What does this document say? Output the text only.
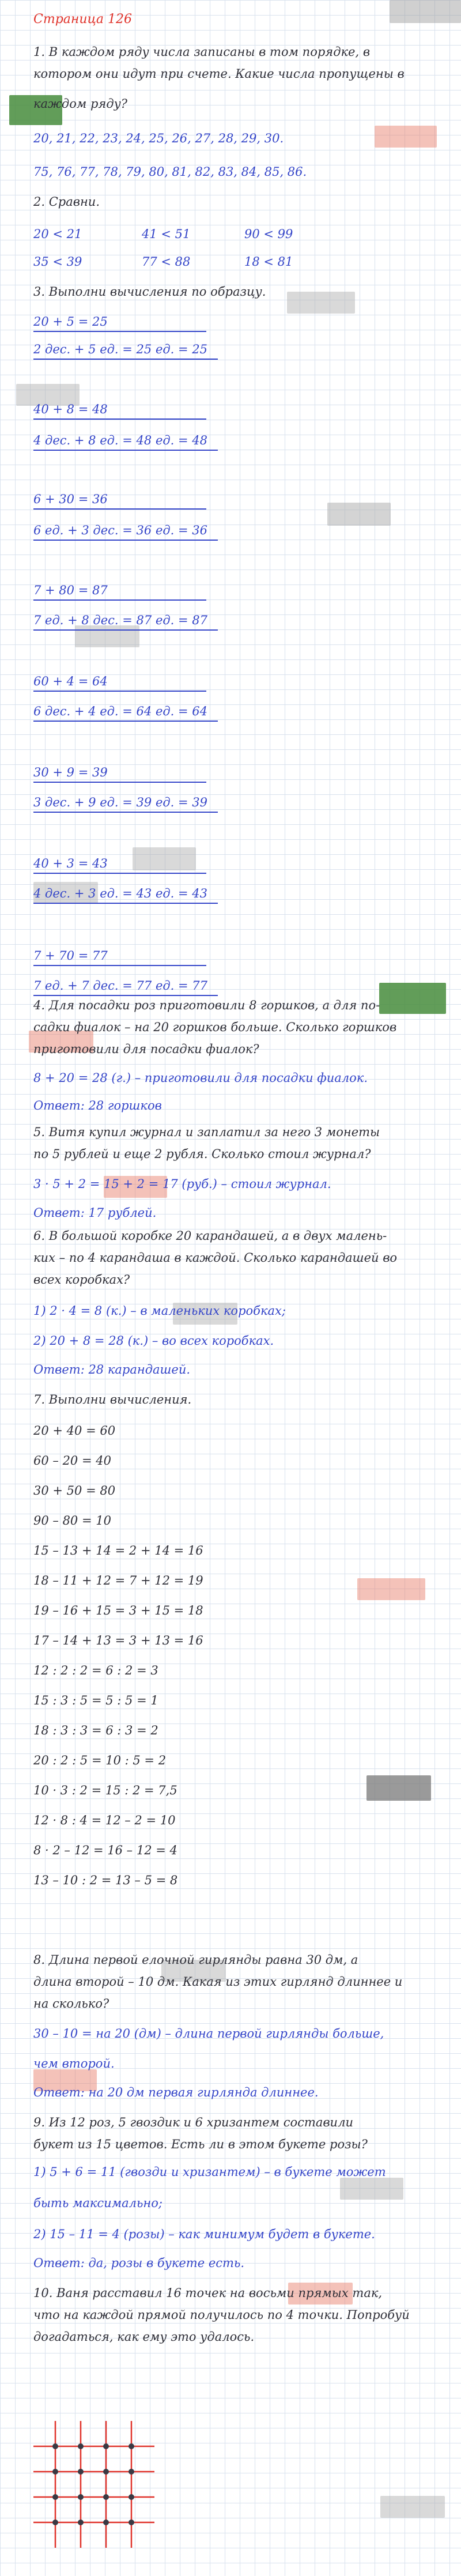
Страница 126
1. В каждом ряду числа записаны в том порядке, в
котором они идут при счете. Какие числа пропущены в
каждом ряду?
20, 21, 22, 23, 24, 25, 26, 27, 28, 29, 30.
75, 76, 77, 78, 79, 80, 81, 82, 83, 84, 85, 86.
2. Сравни.
20 < 21	41 < 51	90 < 99
35 < 39	77 < 88	18 < 81
3. Выполни вычисления по образцу.
20 + 5 = 25
2 дес. + 5 ед. = 25 ед. = 25
40 + 8 = 48
4 дес. + 8 ед. = 48 ед. = 48
6 + 30 = 36
6 ед. + 3 дес. = 36 ед. = 36
7 + 80 = 87
7 ед. + 8 дес. = 87 ед. = 87
60 + 4 = 64
6 дес. + 4 ед. = 64 ед. = 64
30 + 9 = 39
3 дес. + 9 ед. = 39 ед. = 39
40 + 3 = 43
4 дес. + 3 ед. = 43 ед. = 43
7 + 70 = 77
7 ед. + 7 дес. = 77 ед. = 77
4. Для посадки роз приготовили 8 горшков, а для по-
садки фиалок – на 20 горшков больше. Сколько горшков
приготовили для посадки фиалок?
8 + 20 = 28 (г.) – приготовили для посадки фиалок.
Ответ: 28 горшков
5. Витя купил журнал и заплатил за него 3 монеты
по 5 рублей и еще 2 рубля. Сколько стоил журнал?
3 · 5 + 2 = 15 + 2 = 17 (руб.) – стоил журнал.
Ответ: 17 рублей.
6. В большой коробке 20 карандашей, а в двух малень-
ких – по 4 карандаша в каждой. Сколько карандашей во
всех коробках?
1) 2 · 4 = 8 (к.) – в маленьких коробках;
2) 20 + 8 = 28 (к.) – во всех коробках.
Ответ: 28 карандашей.
7. Выполни вычисления.
20 + 40 = 60
60 – 20 = 40
30 + 50 = 80
90 – 80 = 10
15 – 13 + 14 = 2 + 14 = 16
18 – 11 + 12 = 7 + 12 = 19
19 – 16 + 15 = 3 + 15 = 18
17 – 14 + 13 = 3 + 13 = 16
12 : 2 : 2 = 6 : 2 = 3
15 : 3 : 5 = 5 : 5 = 1
18 : 3 : 3 = 6 : 3 = 2
20 : 2 : 5 = 10 : 5 = 2
10 · 3 : 2 = 15 : 2 = 7,5
12 · 8 : 4 = 12 – 2 = 10
8 · 2 – 12 = 16 – 12 = 4
13 – 10 : 2 = 13 – 5 = 8
8. Длина первой елочной гирлянды равна 30 дм, а
длина второй – 10 дм. Какая из этих гирлянд длиннее и
на сколько?
30 – 10 = на 20 (дм) – длина первой гирлянды больше,
чем второй.
Ответ: на 20 дм первая гирлянда длиннее.
9. Из 12 роз, 5 гвоздик и 6 хризантем составили
букет из 15 цветов. Есть ли в этом букете розы?
1) 5 + 6 = 11 (гвозди и хризантем) – в букете может
быть максимально;
2) 15 – 11 = 4 (розы) – как минимум будет в букете.
Ответ: да, розы в букете есть.
10. Ваня расставил 16 точек на восьми прямых так,
что на каждой прямой получилось по 4 точки. Попробуй
догадаться, как ему это удалось.
